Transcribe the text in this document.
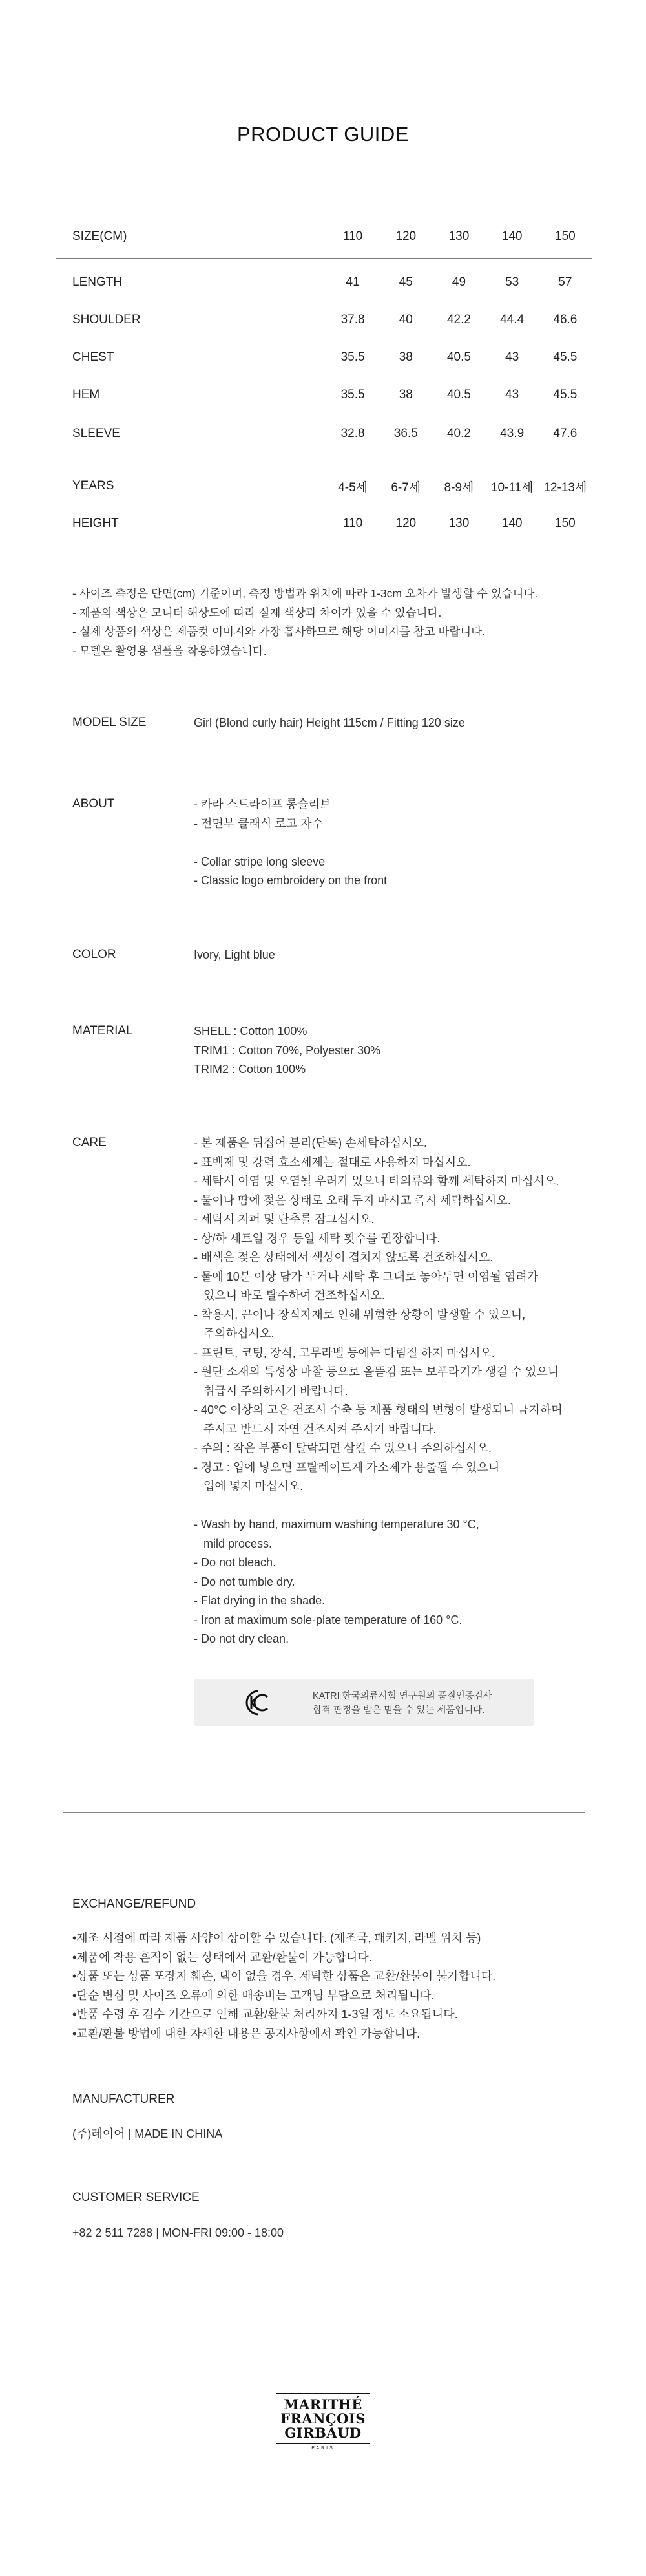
PRODUCT GUIDE
SIZE(CM)	110	120	130	140	150
LENGTH	41	45	49	53	57
SHOULDER	37.8	40	42.2	44.4	46.6
CHEST	35.5	38	40.5	43	45.5
HEM	35.5	38	40.5	43	45.5
SLEEVE	32.8	36.5	40.2	43.9	47.6

YEARS	4-5세	6-7세	8-9세	10-11세	12-13세
HEIGHT	110	120	130	140	150
- 사이즈 측정은 단면(cm) 기준이며, 측정 방법과 위치에 따라 1-3cm 오차가 발생할 수 있습니다.
- 제품의 색상은 모니터 해상도에 따라 실제 색상과 차이가 있을 수 있습니다.
- 실제 상품의 색상은 제품컷 이미지와 가장 흡사하므로 해당 이미지를 참고 바랍니다.
- 모델은 촬영용 샘플을 착용하였습니다.
MODEL SIZE	Girl (Blond curly hair) Height 115cm / Fitting 120 size
ABOUT	- 카라 스트라이프 롱슬리브
- 전면부 클래식 로고 자수

- Collar stripe long sleeve
- Classic logo embroidery on the front
COLOR	Ivory, Light blue
MATERIAL	SHELL : Cotton 100%
TRIM1 : Cotton 70%, Polyester 30%
TRIM2 : Cotton 100%
CARE	- 본 제품은 뒤집어 분리(단독) 손세탁하십시오.
- 표백제 및 강력 효소세제는 절대로 사용하지 마십시오.
- 세탁시 이염 및 오염될 우려가 있으니 타의류와 함께 세탁하지 마십시오.
- 물이나 땀에 젖은 상태로 오래 두지 마시고 즉시 세탁하십시오.
- 세탁시 지퍼 및 단추를 잠그십시오.
- 상/하 세트일 경우 동일 세탁 횟수를 권장합니다.
- 배색은 젖은 상태에서 색상이 겹치지 않도록 건조하십시오.
- 물에 10분 이상 담가 두거나 세탁 후 그대로 놓아두면 이염될 염려가
있으니 바로 탈수하여 건조하십시오.
- 착용시, 끈이나 장식자재로 인해 위험한 상황이 발생할 수 있으니,
주의하십시오.
- 프린트, 코팅, 장식, 고무라벨 등에는 다림질 하지 마십시오.
- 원단 소재의 특성상 마찰 등으로 올뜯김 또는 보푸라기가 생길 수 있으니
취급시 주의하시기 바랍니다.
- 40°C 이상의 고온 건조시 수축 등 제품 형태의 변형이 발생되니 금지하며
주시고 반드시 자연 건조시켜 주시기 바랍니다.
- 주의 : 작은 부품이 탈락되면 삼킬 수 있으니 주의하십시오.
- 경고 : 입에 넣으면 프탈레이트계 가소제가 용출될 수 있으니
입에 넣지 마십시오.

- Wash by hand, maximum washing temperature 30 °C,
mild process.
- Do not bleach.
- Do not tumble dry.
- Flat drying in the shade.
- Iron at maximum sole-plate temperature of 160 °C.
- Do not dry clean.
KATRI 한국의류시험 연구원의 품질인증검사
합격 판정을 받은 믿을 수 있는 제품입니다.
EXCHANGE/REFUND
•제조 시점에 따라 제품 사양이 상이할 수 있습니다. (제조국, 패키지, 라벨 위치 등)
•제품에 착용 흔적이 없는 상태에서 교환/환불이 가능합니다.
•상품 또는 상품 포장지 훼손, 택이 없을 경우, 세탁한 상품은 교환/환불이 불가합니다.
•단순 변심 및 사이즈 오류에 의한 배송비는 고객님 부담으로 처리됩니다.
•반품 수령 후 검수 기간으로 인해 교환/환불 처리까지 1-3일 정도 소요됩니다.
•교환/환불 방법에 대한 자세한 내용은 공지사항에서 확인 가능합니다.
MANUFACTURER
(주)레이어 | MADE IN CHINA
CUSTOMER SERVICE
+82 2 511 7288 | MON-FRI 09:00 - 18:00
MARITHÉ
FRANÇOIS
GIRBAUD
PARIS
